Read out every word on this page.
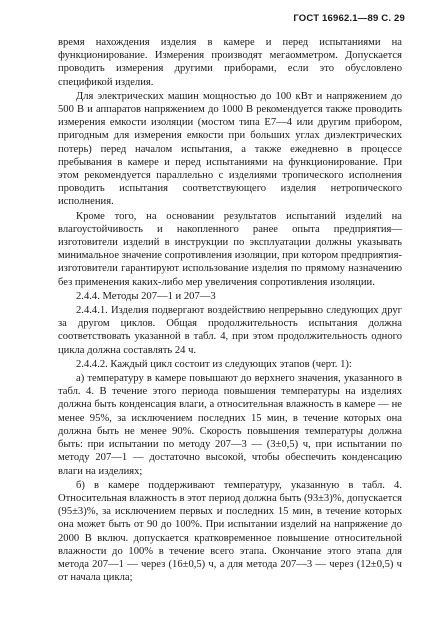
ГОСТ 16962.1—89 С. 29

время нахождения изделия в камере и перед испытаниями на функционирование. Измерения производят мегаомметром. Допускается проводить измерения другими приборами, если это обусловлено спецификой изделия.

Для электрических машин мощностью до 100 кВт и напряжением до 500 В и аппаратов напряжением до 1000 В рекомендуется также проводить измерения емкости изоляции (мостом типа Е7—4 или другим прибором, пригодным для измерения емкости при больших углах диэлектрических потерь) перед началом испытания, а также ежедневно в процессе пребывания в камере и перед испытаниями на функционирование. При этом рекомендуется параллельно с изделиями тропического исполнения проводить испытания соответствующего изделия нетропического исполнения.

Кроме того, на основании результатов испытаний изделий на влагоустойчивость и накопленного ранее опыта предприятия—изготовители изделий в инструкции по эксплуатации должны указывать минимальное значение сопротивления изоляции, при котором предприятия-изготовители гарантируют использование изделия по прямому назначению без применения каких-либо мер увеличения сопротивления изоляции.

2.4.4. Методы 207—1 и 207—3

2.4.4.1. Изделия подвергают воздействию непрерывно следующих друг за другом циклов. Общая продолжительность испытания должна соответствовать указанной в табл. 4, при этом продолжительность одного цикла должна составлять 24 ч.

2.4.4.2. Каждый цикл состоит из следующих этапов (черт. 1):

а) температуру в камере повышают до верхнего значения, указанного в табл. 4. В течение этого периода повышения температуры на изделиях должна быть конденсация влаги, а относительная влажность в камере — не менее 95%, за исключением последних 15 мин, в течение которых она должна быть не менее 90%. Скорость повышения температуры должна быть: при испытании по методу 207—3 — (3±0,5) ч, при испытании по методу 207—1 — достаточно высокой, чтобы обеспечить конденсацию влаги на изделиях;

б) в камере поддерживают температуру, указанную в табл. 4. Относительная влажность в этот период должна быть (93±3)%, допускается (95±3)%, за исключением первых и последних 15 мин, в течение которых она может быть от 90 до 100%. При испытании изделий на напряжение до 2000 В включ. допускается кратковременное повышение относительной влажности до 100% в течение всего этапа. Окончание этого этапа для метода 207—1 — через (16±0,5) ч, а для метода 207—3 — через (12±0,5) ч от начала цикла;
